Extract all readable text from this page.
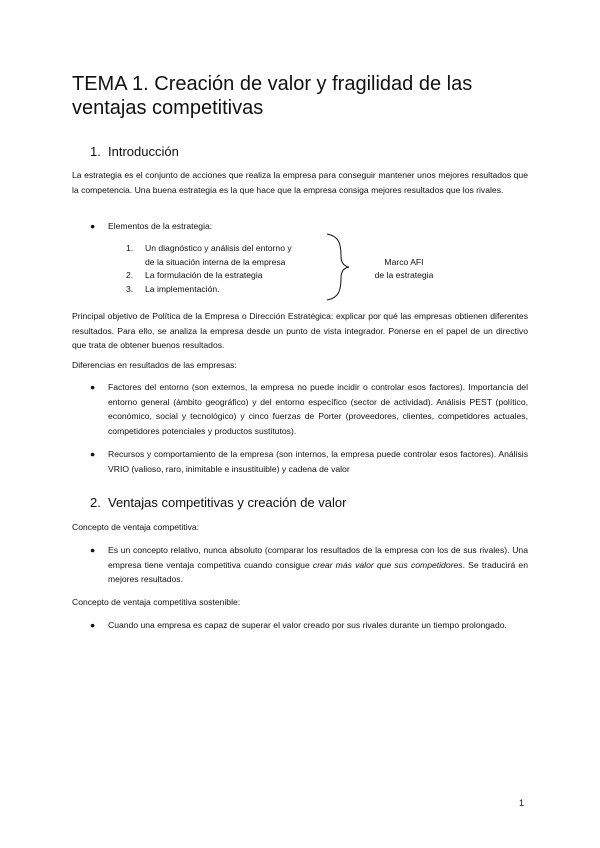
TEMA 1. Creación de valor y fragilidad de las ventajas competitivas
1. Introducción

La estrategia es el conjunto de acciones que realiza la empresa para conseguir mantener unos mejores resultados que la competencia. Una buena estrategia es la que hace que la empresa consiga mejores resultados que los rivales.

●	Elementos de la estrategia:
1.	Un diagnóstico y análisis del entorno y
de la situación interna de la empresa
2.	La formulación de la estrategia
3.	La implementación.
Marco AFI
de la estrategia

Principal objetivo de Política de la Empresa o Dirección Estratégica: explicar por qué las empresas obtienen diferentes resultados. Para ello, se analiza la empresa desde un punto de vista integrador. Ponerse en el papel de un directivo que trata de obtener buenos resultados.

Diferencias en resultados de las empresas:

●	Factores del entorno (son externos, la empresa no puede incidir o controlar esos factores). Importancia del entorno general (ámbito geográfico) y del entorno específico (sector de actividad). Análisis PEST (político, económico, social y tecnológico) y cinco fuerzas de Porter (proveedores, clientes, competidores actuales, competidores potenciales y productos sustitutos).
●	Recursos y comportamiento de la empresa (son internos, la empresa puede controlar esos factores). Análisis VRIO (valioso, raro, inimitable e insustituible) y cadena de valor
2. Ventajas competitivas y creación de valor

Concepto de ventaja competitiva:

●	Es un concepto relativo, nunca absoluto (comparar los resultados de la empresa con los de sus rivales). Una empresa tiene ventaja competitiva cuando consigue crear más valor que sus competidores. Se traducirá en mejores resultados.

Concepto de ventaja competitiva sostenible:

●	Cuando una empresa es capaz de superar el valor creado por sus rivales durante un tiempo prolongado.
1
